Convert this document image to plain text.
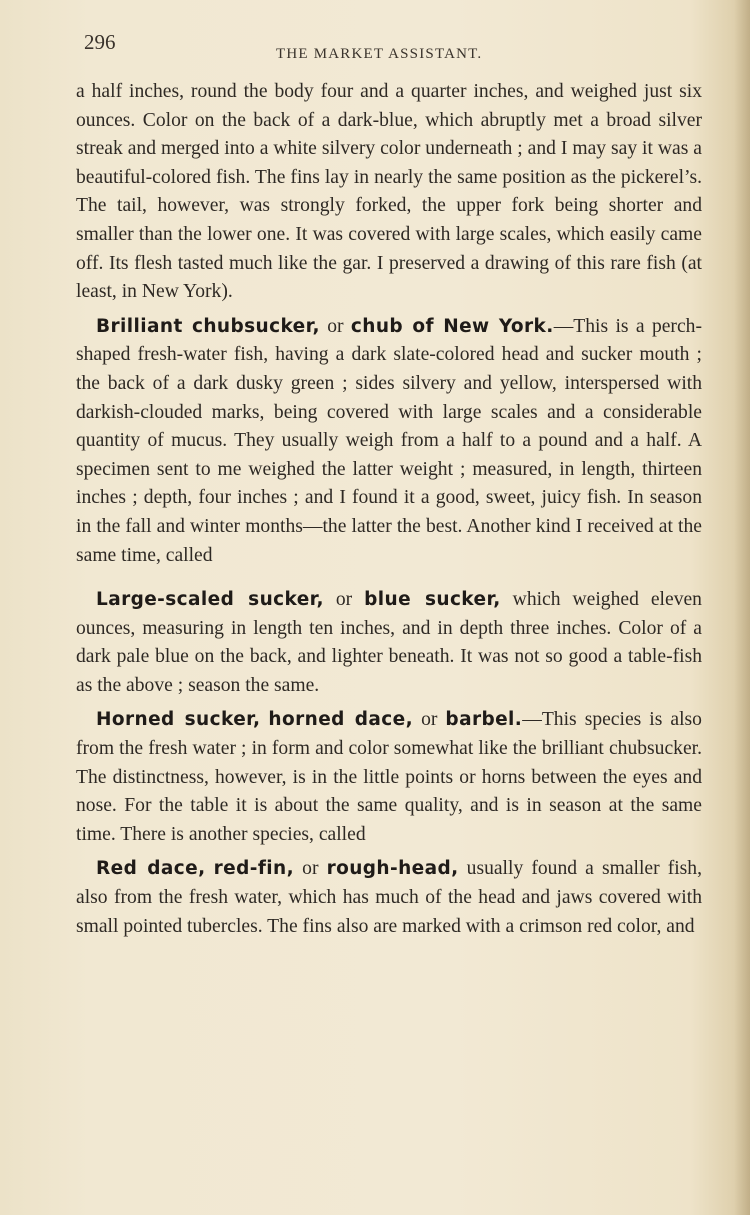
296	THE MARKET ASSISTANT.

a half inches, round the body four and a quarter inches, and weighed just six ounces. Color on the back of a dark-blue, which abruptly met a broad silver streak and merged into a white silvery color underneath ; and I may say it was a beautiful-colored fish. The fins lay in nearly the same position as the pickerel’s. The tail, however, was strongly forked, the upper fork being shorter and smaller than the lower one. It was covered with large scales, which easily came off. Its flesh tasted much like the gar. I preserved a drawing of this rare fish (at least, in New York).

Brilliant chubsucker, or chub of New York.—This is a perch-shaped fresh-water fish, having a dark slate-colored head and sucker mouth ; the back of a dark dusky green ; sides silvery and yellow, interspersed with darkish-clouded marks, being covered with large scales and a considerable quantity of mucus. They usually weigh from a half to a pound and a half. A specimen sent to me weighed the latter weight ; measured, in length, thirteen inches ; depth, four inches ; and I found it a good, sweet, juicy fish. In season in the fall and winter months—the latter the best. Another kind I received at the same time, called

Large-scaled sucker, or blue sucker, which weighed eleven ounces, measuring in length ten inches, and in depth three inches. Color of a dark pale blue on the back, and lighter beneath. It was not so good a table-fish as the above ; season the same.

Horned sucker, horned dace, or barbel.—This species is also from the fresh water ; in form and color somewhat like the brilliant chubsucker. The distinctness, however, is in the little points or horns between the eyes and nose. For the table it is about the same quality, and is in season at the same time. There is another species, called

Red dace, red-fin, or rough-head, usually found a smaller fish, also from the fresh water, which has much of the head and jaws covered with small pointed tubercles. The fins also are marked with a crimson red color, and
